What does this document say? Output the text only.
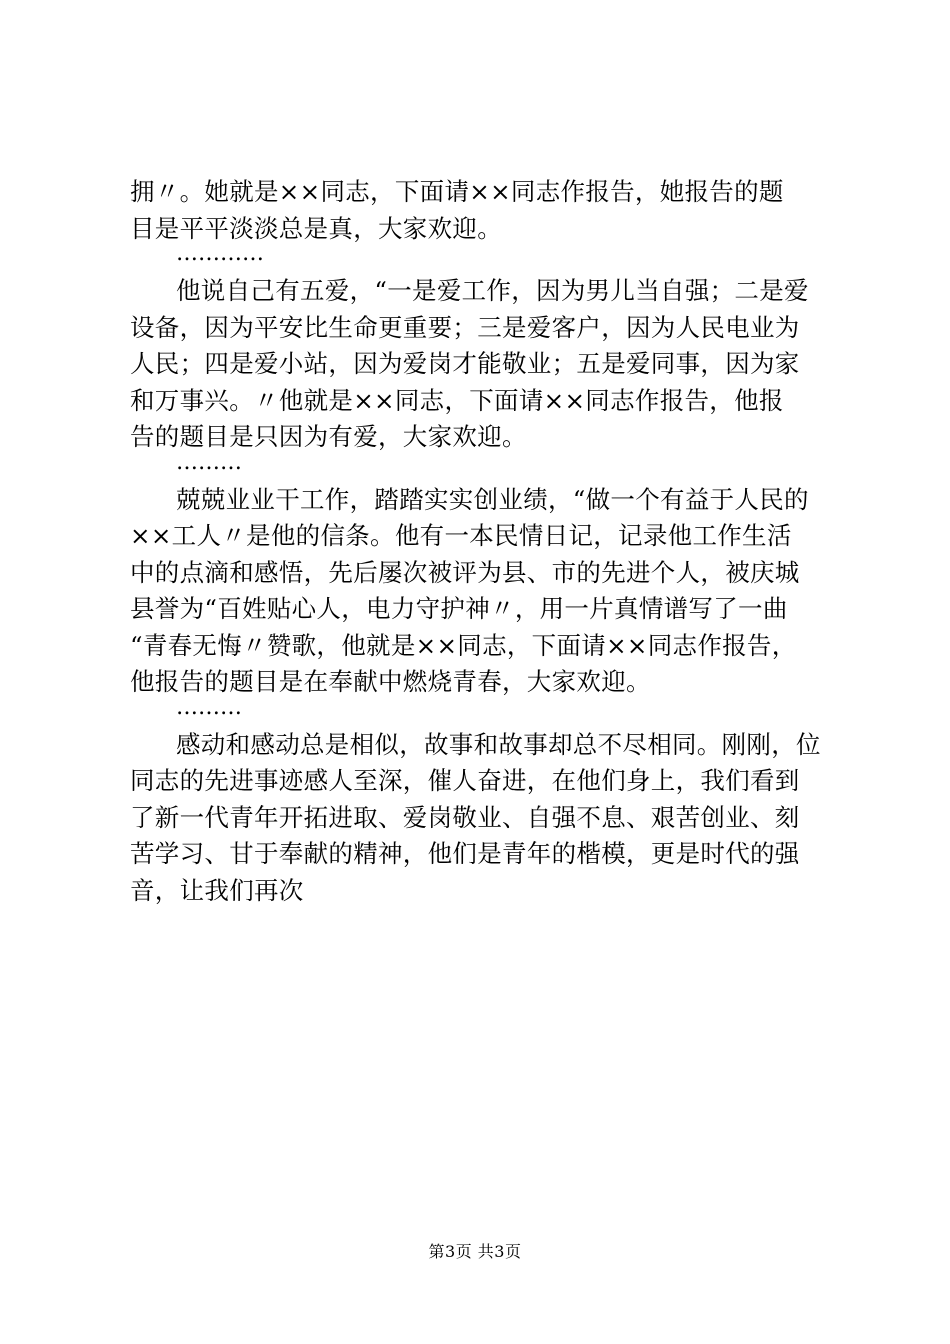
拥〃。她就是××同志，下面请××同志作报告，她报告的题
目是平平淡淡总是真，大家欢迎。
…………
他说自己有五爱，“一是爱工作，因为男儿当自强；二是爱
设备，因为平安比生命更重要；三是爱客户，因为人民电业为
人民；四是爱小站，因为爱岗才能敬业；五是爱同事，因为家
和万事兴。〃他就是××同志，下面请××同志作报告，他报
告的题目是只因为有爱，大家欢迎。
………
兢兢业业干工作，踏踏实实创业绩，“做一个有益于人民的
××工人〃是他的信条。他有一本民情日记，记录他工作生活
中的点滴和感悟，先后屡次被评为县、市的先进个人，被庆城
县誉为“百姓贴心人，电力守护神〃，用一片真情谱写了一曲
“青春无悔〃赞歌，他就是××同志，下面请××同志作报告，
他报告的题目是在奉献中燃烧青春，大家欢迎。
………
感动和感动总是相似，故事和故事却总不尽相同。刚刚，位
同志的先进事迹感人至深，催人奋进，在他们身上，我们看到
了新一代青年开拓进取、爱岗敬业、自强不息、艰苦创业、刻
苦学习、甘于奉献的精神，他们是青年的楷模，更是时代的强
音，让我们再次
第3页 共3页
